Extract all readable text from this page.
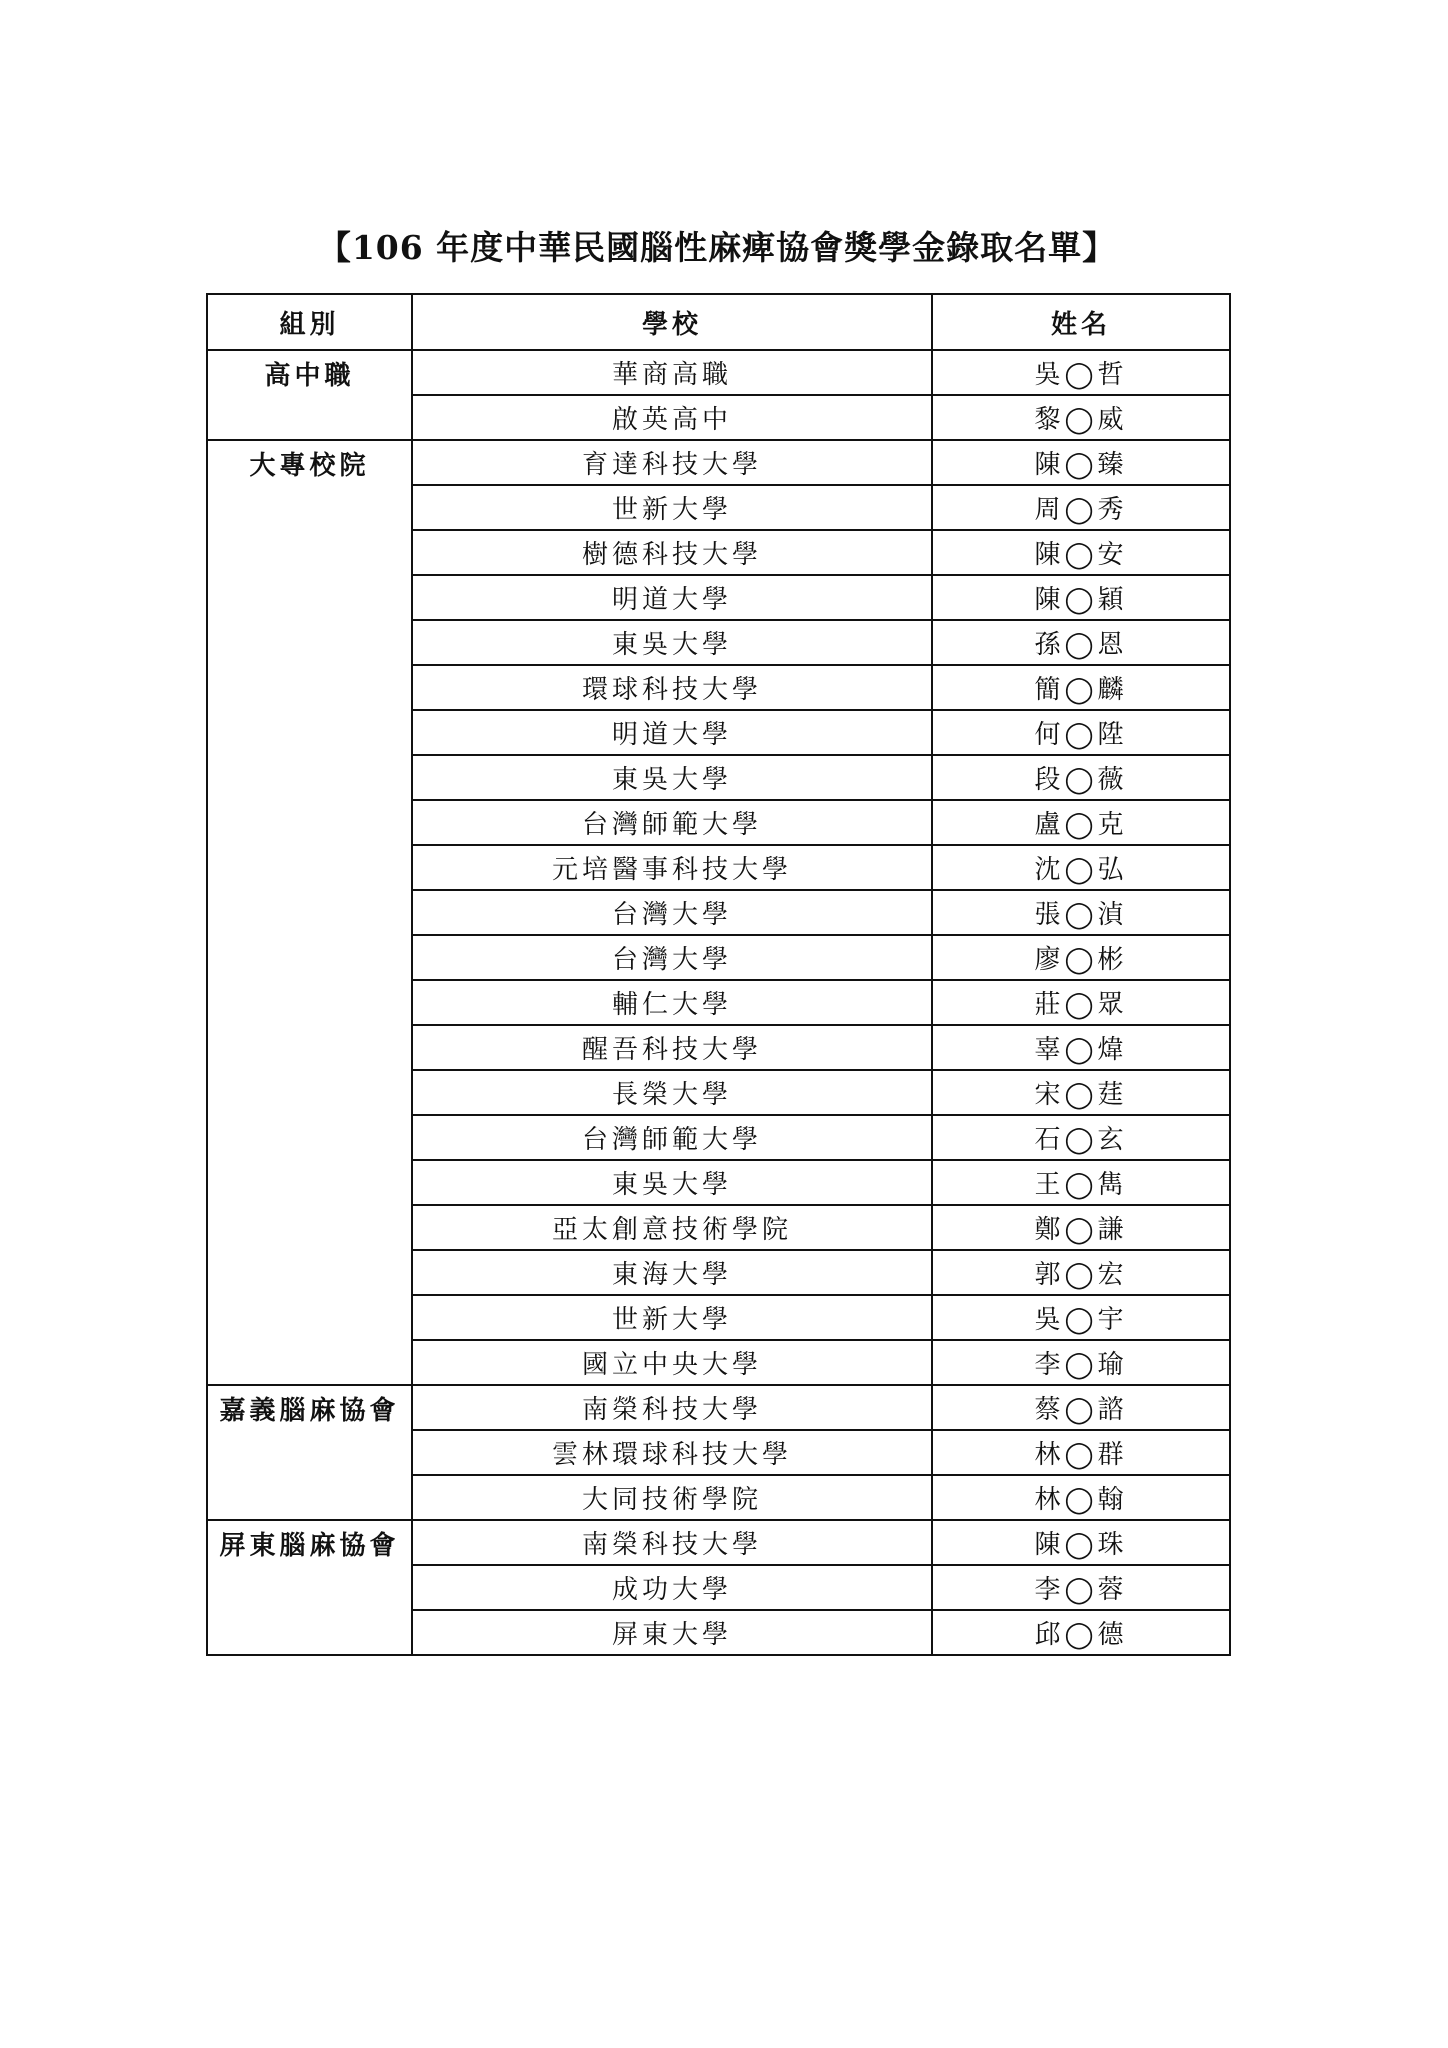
【106 年度中華民國腦性麻痺協會獎學金錄取名單】
組別	學校	姓名
高中職	華商高職	吳◯哲
	啟英高中	黎◯威
大專校院	育達科技大學	陳◯臻
	世新大學	周◯秀
	樹德科技大學	陳◯安
	明道大學	陳◯穎
	東吳大學	孫◯恩
	環球科技大學	簡◯麟
	明道大學	何◯陞
	東吳大學	段◯薇
	台灣師範大學	盧◯克
	元培醫事科技大學	沈◯弘
	台灣大學	張◯湞
	台灣大學	廖◯彬
	輔仁大學	莊◯眾
	醒吾科技大學	辜◯煒
	長榮大學	宋◯莛
	台灣師範大學	石◯玄
	東吳大學	王◯雋
	亞太創意技術學院	鄭◯謙
	東海大學	郭◯宏
	世新大學	吳◯宇
	國立中央大學	李◯瑜
嘉義腦麻協會	南榮科技大學	蔡◯諮
	雲林環球科技大學	林◯群
	大同技術學院	林◯翰
屏東腦麻協會	南榮科技大學	陳◯珠
	成功大學	李◯蓉
	屏東大學	邱◯德
